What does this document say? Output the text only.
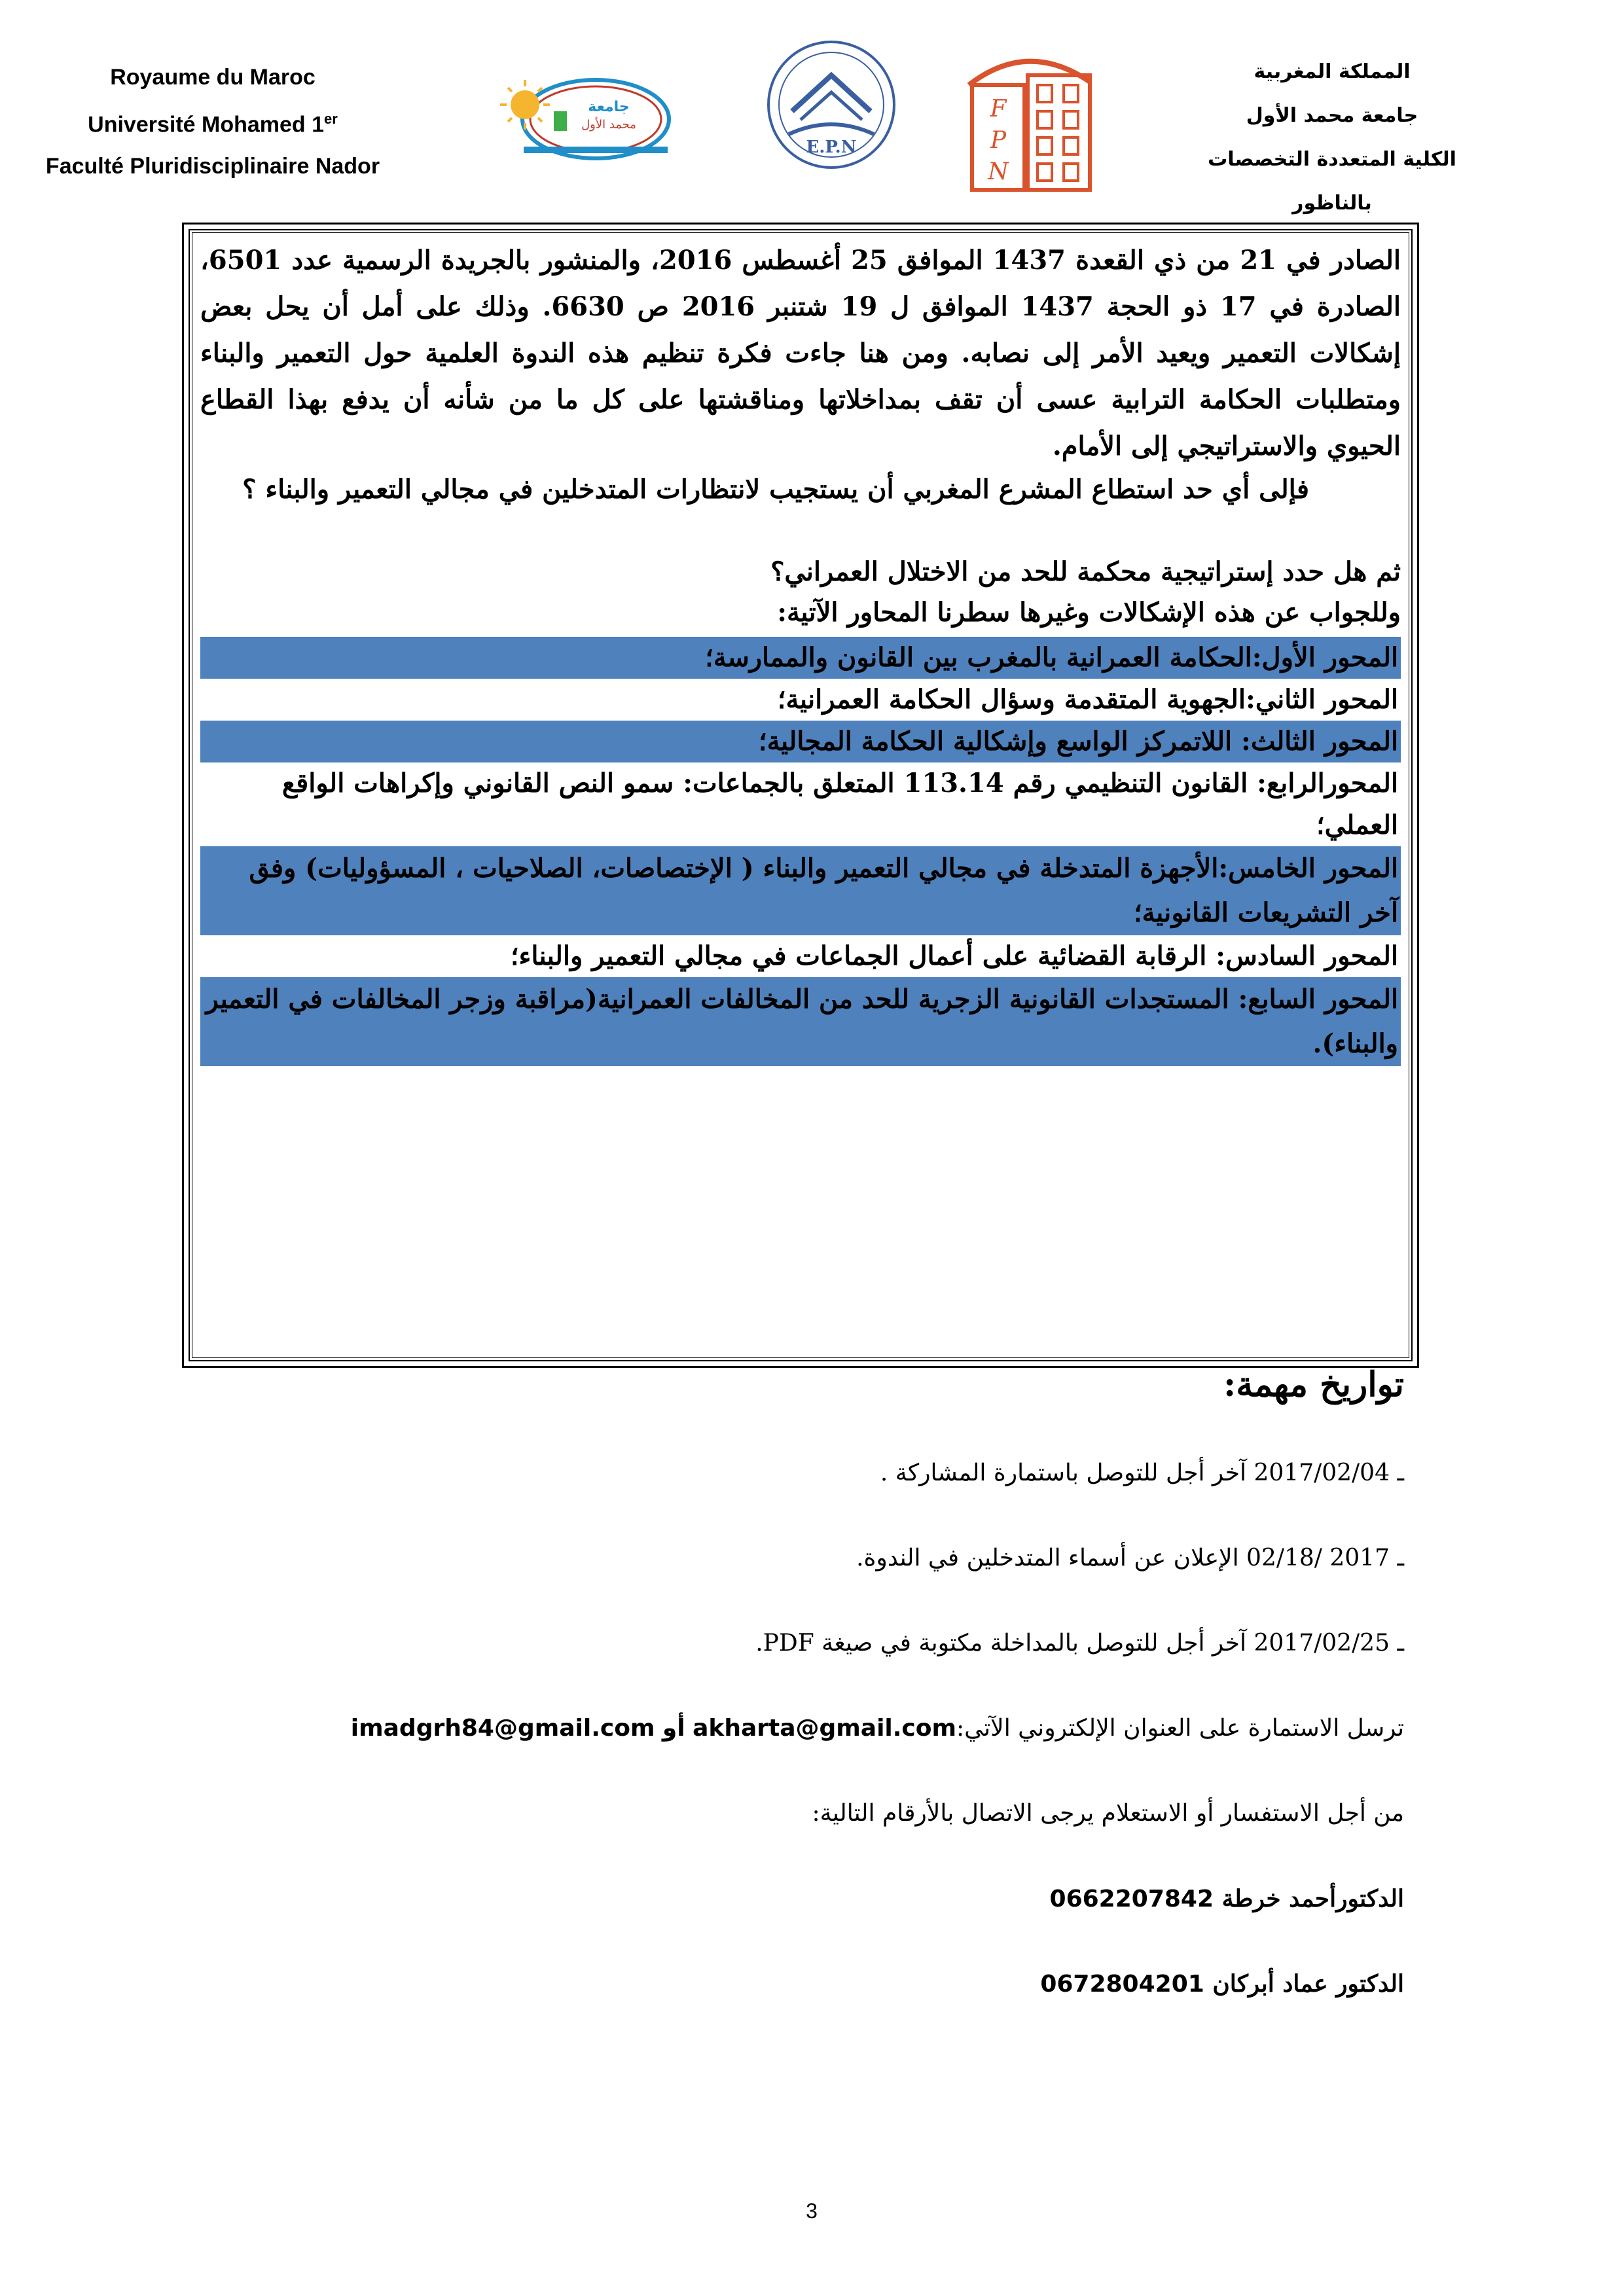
Royaume du Maroc
Université Mohamed 1er
Faculté Pluridisciplinaire Nador
جامعة
محمد الأول
E.P.N
F
P
N
المملكة المغربية
جامعة محمد الأول
الكلية المتعددة التخصصات بالناظور
الصادر في 21 من ذي القعدة 1437 الموافق 25 أغسطس 2016، والمنشور بالجريدة الرسمية عدد 6501، الصادرة في 17 ذو الحجة 1437 الموافق ل 19 شتنبر 2016 ص 6630. وذلك على أمل أن يحل بعض إشكالات التعمير ويعيد الأمر إلى نصابه. ومن هنا جاءت فكرة تنظيم هذه الندوة العلمية حول التعمير والبناء ومتطلبات الحكامة الترابية عسى أن تقف بمداخلاتها ومناقشتها على كل ما من شأنه أن يدفع بهذا القطاع الحيوي والاستراتيجي إلى الأمام.
فإلى أي حد استطاع المشرع المغربي أن يستجيب لانتظارات المتدخلين في مجالي التعمير والبناء ؟
ثم هل حدد إستراتيجية محكمة للحد من الاختلال العمراني؟
وللجواب عن هذه الإشكالات وغيرها سطرنا المحاور الآتية:
المحور الأول:الحكامة العمرانية بالمغرب بين القانون والممارسة؛
المحور الثاني:الجهوية المتقدمة وسؤال الحكامة العمرانية؛
المحور الثالث: اللاتمركز الواسع وإشكالية الحكامة المجالية؛
المحورالرابع: القانون التنظيمي رقم 113.14 المتعلق بالجماعات: سمو النص القانوني وإكراهات الواقع العملي؛
المحور الخامس:الأجهزة المتدخلة في مجالي التعمير والبناء ( الإختصاصات، الصلاحيات ، المسؤوليات) وفق آخر التشريعات القانونية؛
المحور السادس: الرقابة القضائية على أعمال الجماعات في مجالي التعمير والبناء؛
المحور السابع: المستجدات القانونية الزجرية للحد من المخالفات العمرانية(مراقبة وزجر المخالفات في التعمير والبناء).
تواريخ مهمة:
ـ 2017/02/04 آخر أجل للتوصل باستمارة المشاركة .
ـ 2017 /02/18 الإعلان عن أسماء المتدخلين في الندوة.
ـ 2017/02/25 آخر أجل للتوصل بالمداخلة مكتوبة في صيغة PDF.
ترسل الاستمارة على العنوان الإلكتروني الآتي:akharta@gmail.com أو imadgrh84@gmail.com
من أجل الاستفسار أو الاستعلام يرجى الاتصال بالأرقام التالية:
الدكتورأحمد خرطة 0662207842
الدكتور عماد أبركان 0672804201
3
